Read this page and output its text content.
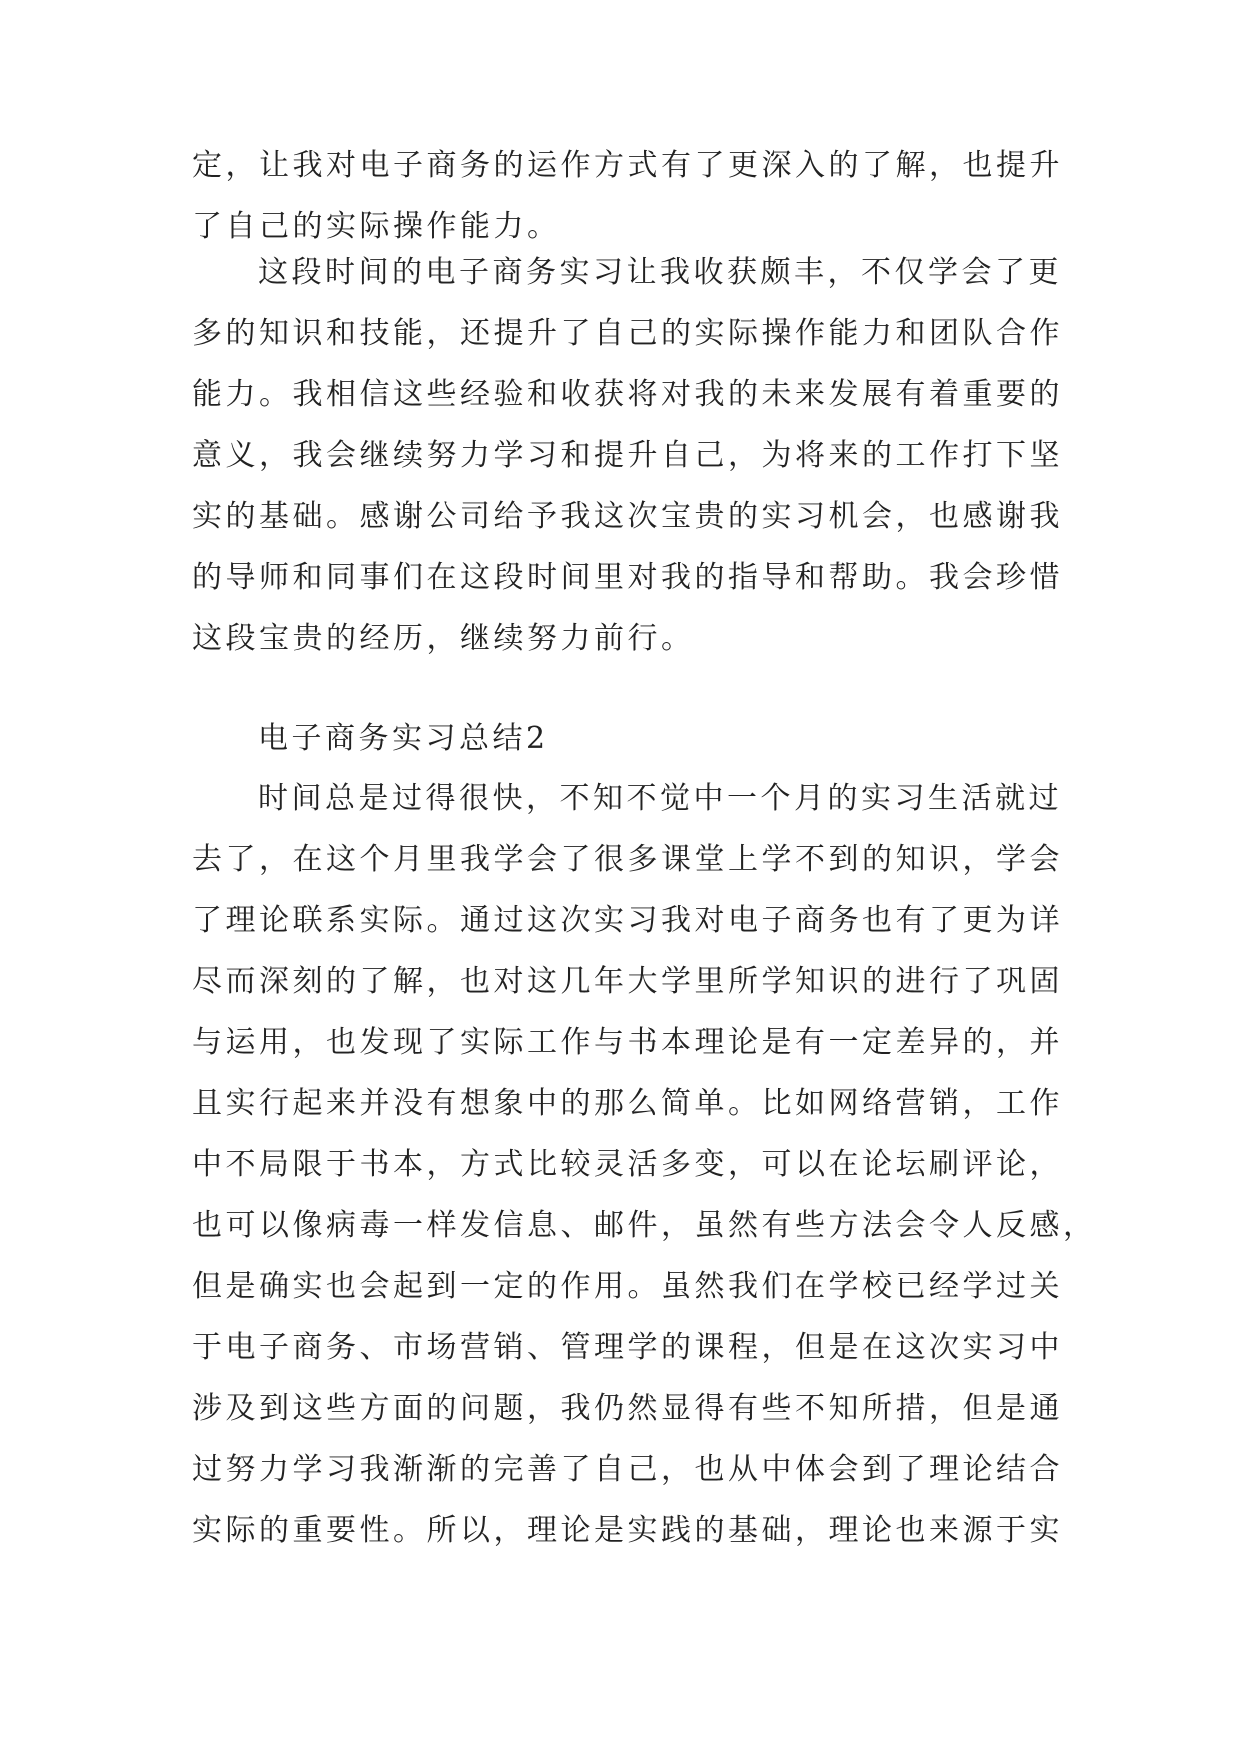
定，让我对电子商务的运作方式有了更深入的了解，也提升
了自己的实际操作能力。
这段时间的电子商务实习让我收获颇丰，不仅学会了更
多的知识和技能，还提升了自己的实际操作能力和团队合作
能力。我相信这些经验和收获将对我的未来发展有着重要的
意义，我会继续努力学习和提升自己，为将来的工作打下坚
实的基础。感谢公司给予我这次宝贵的实习机会，也感谢我
的导师和同事们在这段时间里对我的指导和帮助。我会珍惜
这段宝贵的经历，继续努力前行。
电子商务实习总结2
时间总是过得很快，不知不觉中一个月的实习生活就过
去了，在这个月里我学会了很多课堂上学不到的知识，学会
了理论联系实际。通过这次实习我对电子商务也有了更为详
尽而深刻的了解，也对这几年大学里所学知识的进行了巩固
与运用，也发现了实际工作与书本理论是有一定差异的，并
且实行起来并没有想象中的那么简单。比如网络营销，工作
中不局限于书本，方式比较灵活多变，可以在论坛刷评论，
也可以像病毒一样发信息、邮件，虽然有些方法会令人反感，
但是确实也会起到一定的作用。虽然我们在学校已经学过关
于电子商务、市场营销、管理学的课程，但是在这次实习中
涉及到这些方面的问题，我仍然显得有些不知所措，但是通
过努力学习我渐渐的完善了自己，也从中体会到了理论结合
实际的重要性。所以，理论是实践的基础，理论也来源于实
